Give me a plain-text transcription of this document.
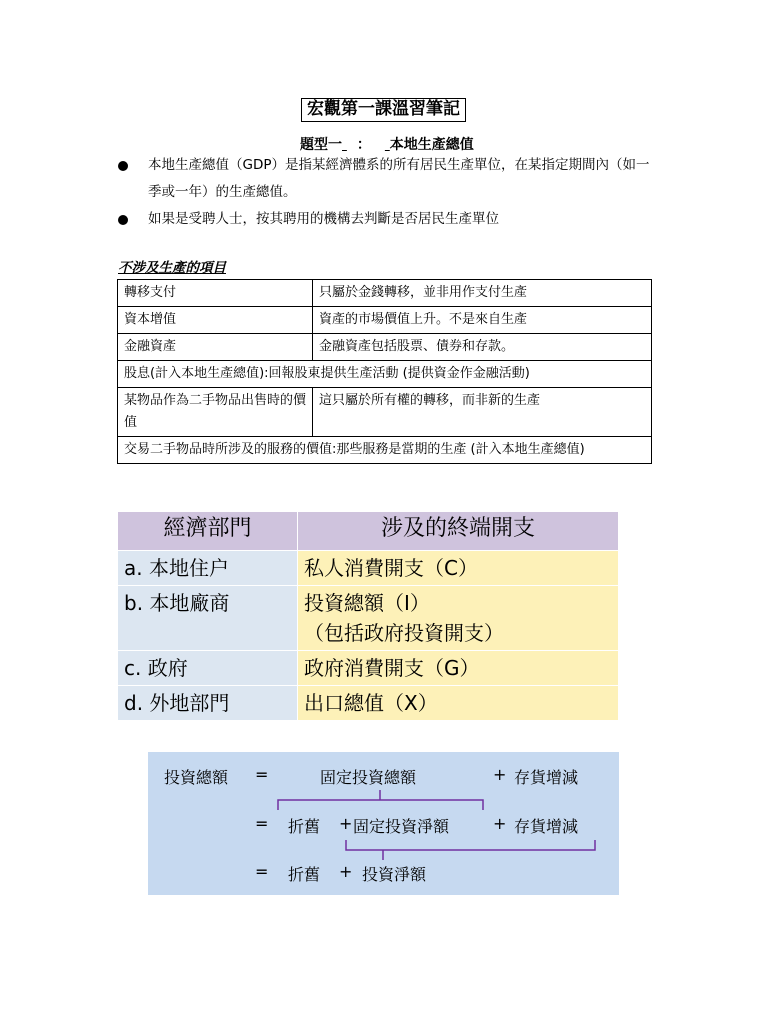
宏觀第一課溫習筆記
題型一 ： 本地生產總值
本地生產總值（GDP）是指某經濟體系的所有居民生產單位，在某指定期間內（如一季或一年）的生產總值。
如果是受聘人士，按其聘用的機構去判斷是否居民生產單位
不涉及生產的項目
轉移支付	只屬於金錢轉移，並非用作支付生產
資本增值	資產的市場價值上升。不是來自生產
金融資產	金融資產包括股票、債券和存款。
股息(計入本地生產總值):回報股東提供生產活動 (提供資金作金融活動)	
某物品作為二手物品出售時的價值	這只屬於所有權的轉移，而非新的生產
交易二手物品時所涉及的服務的價值:那些服務是當期的生產 (計入本地生產總值)	
經濟部門	涉及的終端開支
a. 本地住户	私人消費開支（C）
b. 本地廠商	投資總額（I）
（包括政府投資開支）
c. 政府	政府消費開支（G）
d. 外地部門	出口總值（X）
投資總額 =	固定投資總額	+ 存貨增減
= 折舊 + 固定投資淨額	+ 存貨增減
= 折舊 + 投資淨額
